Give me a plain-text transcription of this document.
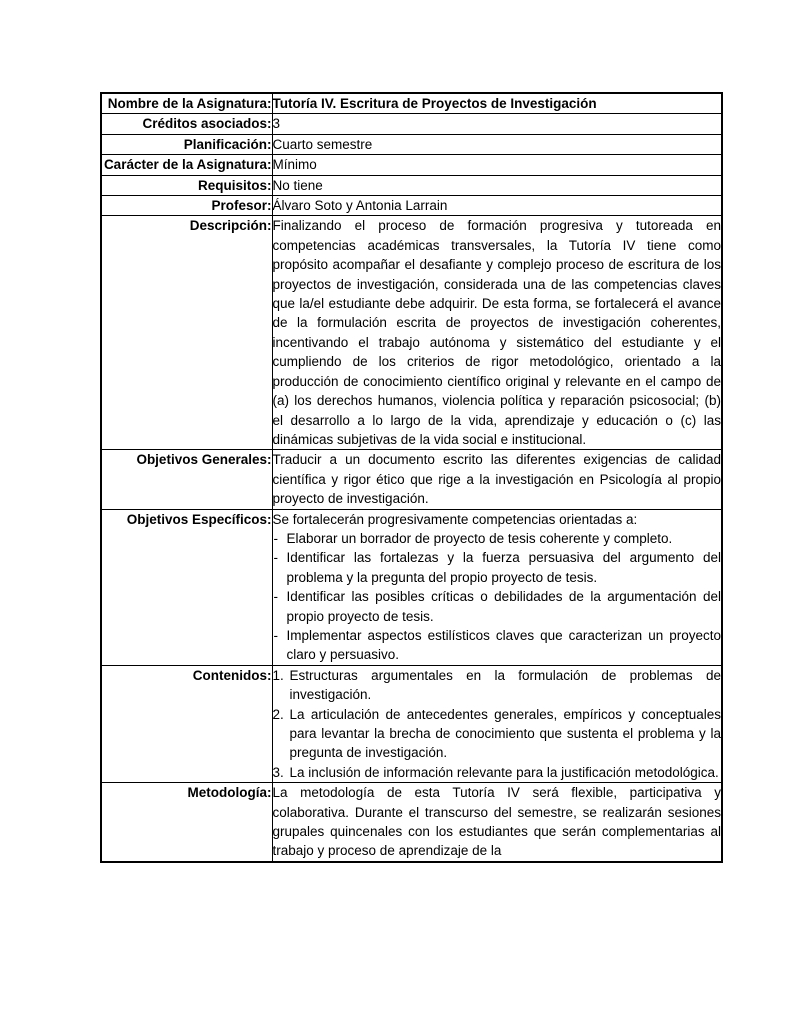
Nombre de la Asignatura:	Tutoría IV. Escritura de Proyectos de Investigación
Créditos asociados:	3
Planificación:	Cuarto semestre
Carácter de la Asignatura:	Mínimo
Requisitos:	No tiene
Profesor:	Álvaro Soto y Antonia Larrain
Descripción:	Finalizando el proceso de formación progresiva y tutoreada en competencias académicas transversales, la Tutoría IV tiene como propósito acompañar el desafiante y complejo proceso de escritura de los proyectos de investigación, considerada una de las competencias claves que la/el estudiante debe adquirir. De esta forma, se fortalecerá el avance de la formulación escrita de proyectos de investigación coherentes, incentivando el trabajo autónoma y sistemático del estudiante y el cumpliendo de los criterios de rigor metodológico, orientado a la producción de conocimiento científico original y relevante en el campo de (a) los derechos humanos, violencia política y reparación psicosocial; (b) el desarrollo a lo largo de la vida, aprendizaje y educación o (c) las dinámicas subjetivas de la vida social e institucional.
Objetivos Generales:	Traducir a un documento escrito las diferentes exigencias de calidad científica y rigor ético que rige a la investigación en Psicología al propio proyecto de investigación.
Objetivos Específicos:	Se fortalecerán progresivamente competencias orientadas a:
- Elaborar un borrador de proyecto de tesis coherente y completo.
- Identificar las fortalezas y la fuerza persuasiva del argumento del problema y la pregunta del propio proyecto de tesis.
- Identificar las posibles críticas o debilidades de la argumentación del propio proyecto de tesis.
- Implementar aspectos estilísticos claves que caracterizan un proyecto claro y persuasivo.

Contenidos:	1. Estructuras argumentales en la formulación de problemas de investigación.
2. La articulación de antecedentes generales, empíricos y conceptuales para levantar la brecha de conocimiento que sustenta el problema y la pregunta de investigación.
3. La inclusión de información relevante para la justificación metodológica.

Metodología:	La metodología de esta Tutoría IV será flexible, participativa y colaborativa. Durante el transcurso del semestre, se realizarán sesiones grupales quincenales con los estudiantes que serán complementarias al trabajo y proceso de aprendizaje de la
